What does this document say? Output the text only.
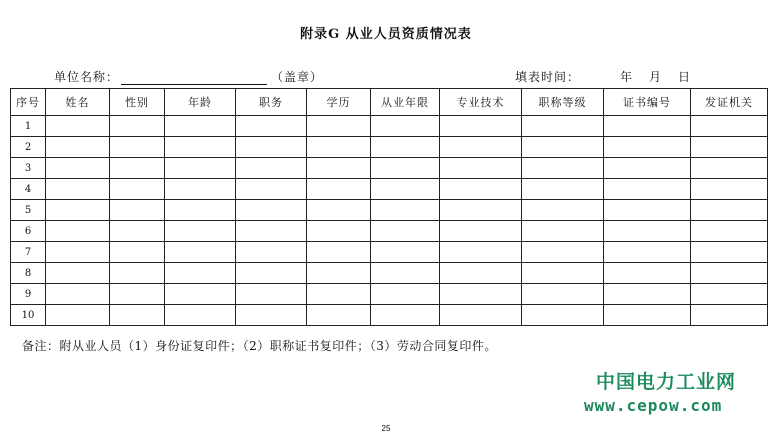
附录G 从业人员资质情况表
单位名称：	（盖章）	填表时间：	年 月 日
序号	姓名	性别	年龄	职务	学历	从业年限	专业技术	职称等级	证书编号	发证机关
1										
2										
3										
4										
5										
6										
7										
8										
9										
10										
备注：附从业人员（1）身份证复印件；（2）职称证书复印件；（3）劳动合同复印件。
中国电力工业网
www.cepow.com
25
